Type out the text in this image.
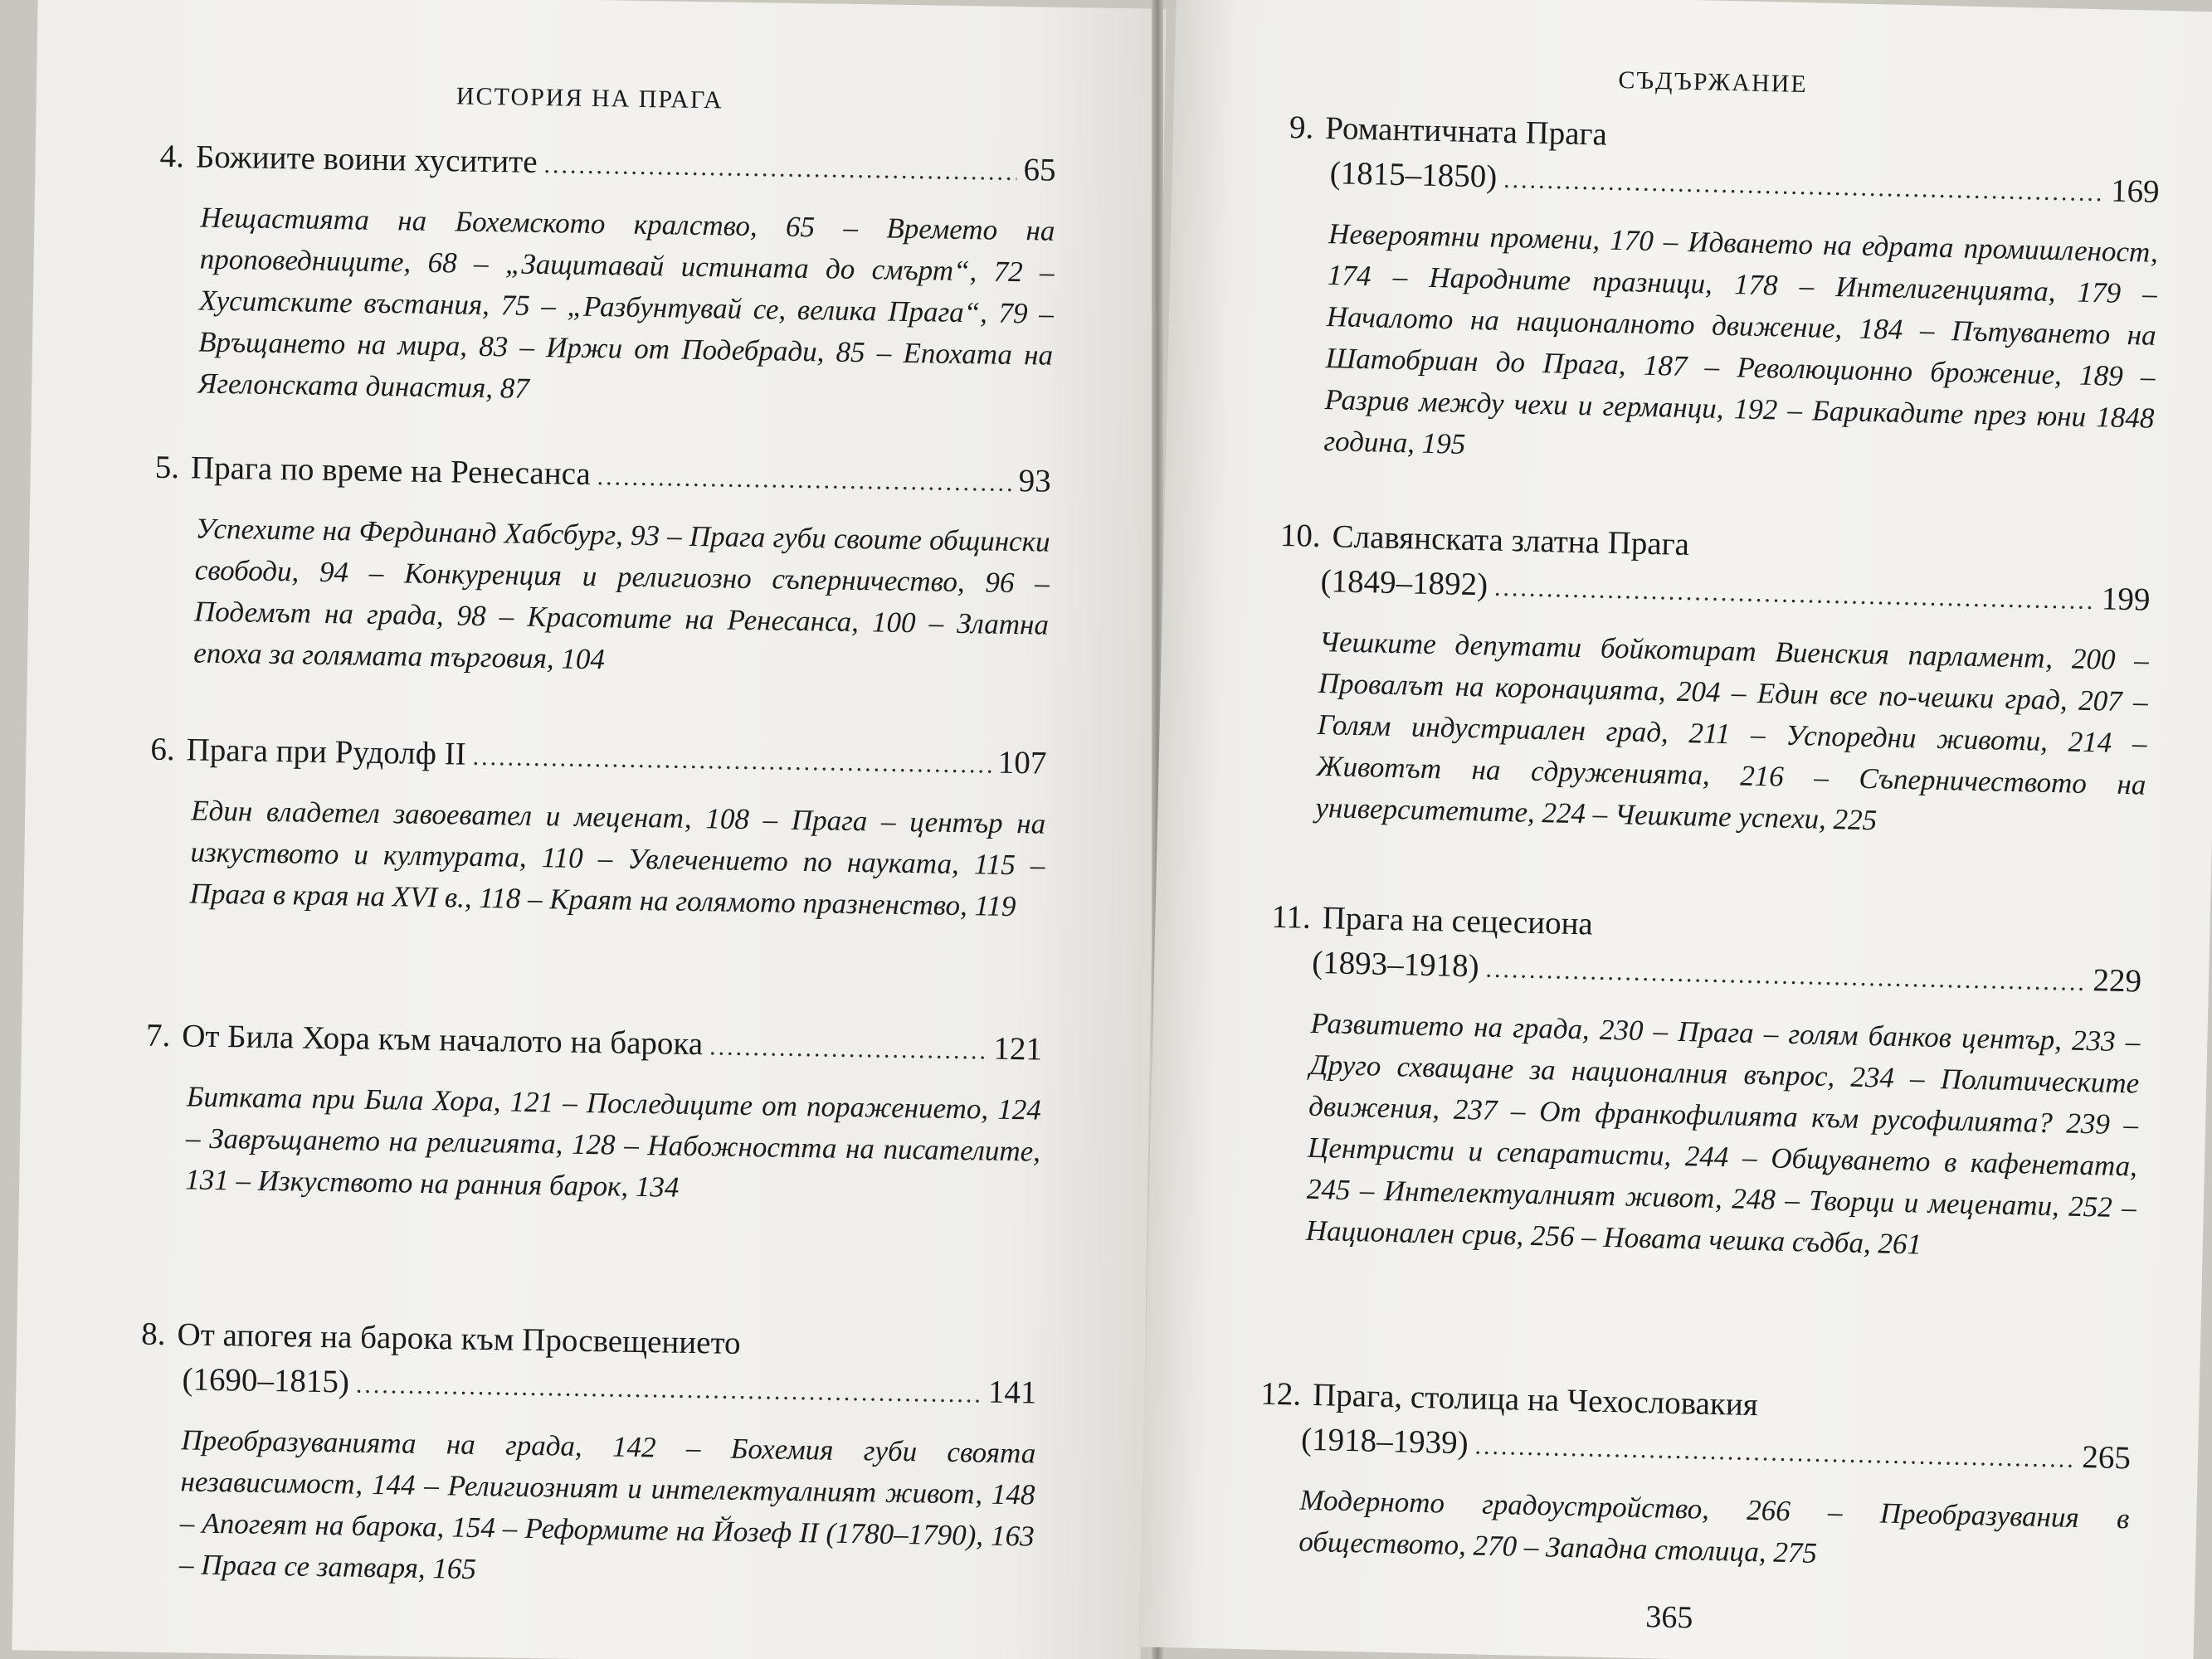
ИСТОРИЯ НА ПРАГА
4. Божиите воини хуситите .....	65
Нещастията на Бохемското кралство, 65 – Времето на проповедниците, 68 – „Защитавай истината до смърт“, 72 – Хуситските въстания, 75 – „Разбунтувай се, велика Прага“, 79 – Връщането на мира, 83 – Иржи от Подебради, 85 – Епохата на Ягелонската династия, 87
5. Прага по време на Ренесанса .....	93
Успехите на Фердинанд Хабсбург, 93 – Прага губи своите общински свободи, 94 – Конкуренция и религиозно съперничество, 96 – Подемът на града, 98 – Красотите на Ренесанса, 100 – Златна епоха за голямата търговия, 104
6. Прага при Рудолф II .....	107
Един владетел завоевател и меценат, 108 – Прага – център на изкуството и културата, 110 – Увлечението по науката, 115 – Прага в края на XVI в., 118 – Краят на голямото празненство, 119
7. От Била Хора към началото на барока .....	121
Битката при Била Хора, 121 – Последиците от поражението, 124 – Завръщането на религията, 128 – Набожността на писателите, 131 – Изкуството на ранния барок, 134
8. От апогея на барока към Просвещението
(1690–1815) .....	141
Преобразуванията на града, 142 – Бохемия губи своята независимост, 144 – Религиозният и интелектуалният живот, 148 – Апогеят на барока, 154 – Реформите на Йозеф II (1780–1790), 163 – Прага се затваря, 165
СЪДЪРЖАНИЕ
9. Романтичната Прага
(1815–1850) .....	169
Невероятни промени, 170 – Идването на едрата промишленост, 174 – Народните празници, 178 – Интелигенцията, 179 – Началото на националното движение, 184 – Пътуването на Шатобриан до Прага, 187 – Революционно брожение, 189 – Разрив между чехи и германци, 192 – Барикадите през юни 1848 година, 195
10. Славянската златна Прага
(1849–1892) .....	199
Чешките депутати бойкотират Виенския парламент, 200 – Провалът на коронацията, 204 – Един все по-чешки град, 207 – Голям индустриален град, 211 – Успоредни животи, 214 – Животът на сдруженията, 216 – Съперничеството на университетите, 224 – Чешките успехи, 225
11. Прага на сецесиона
(1893–1918) .....	229
Развитието на града, 230 – Прага – голям банков център, 233 – Друго схващане за националния въпрос, 234 – Политическите движения, 237 – От франкофилията към русофилията? 239 – Центристи и сепаратисти, 244 – Общуването в кафенетата, 245 – Интелектуалният живот, 248 – Творци и меценати, 252 – Национален срив, 256 – Новата чешка съдба, 261
12. Прага, столица на Чехословакия
(1918–1939) .....	265
Модерното градоустройство, 266 – Преобразувания в обществото, 270 – Западна столица, 275
365
